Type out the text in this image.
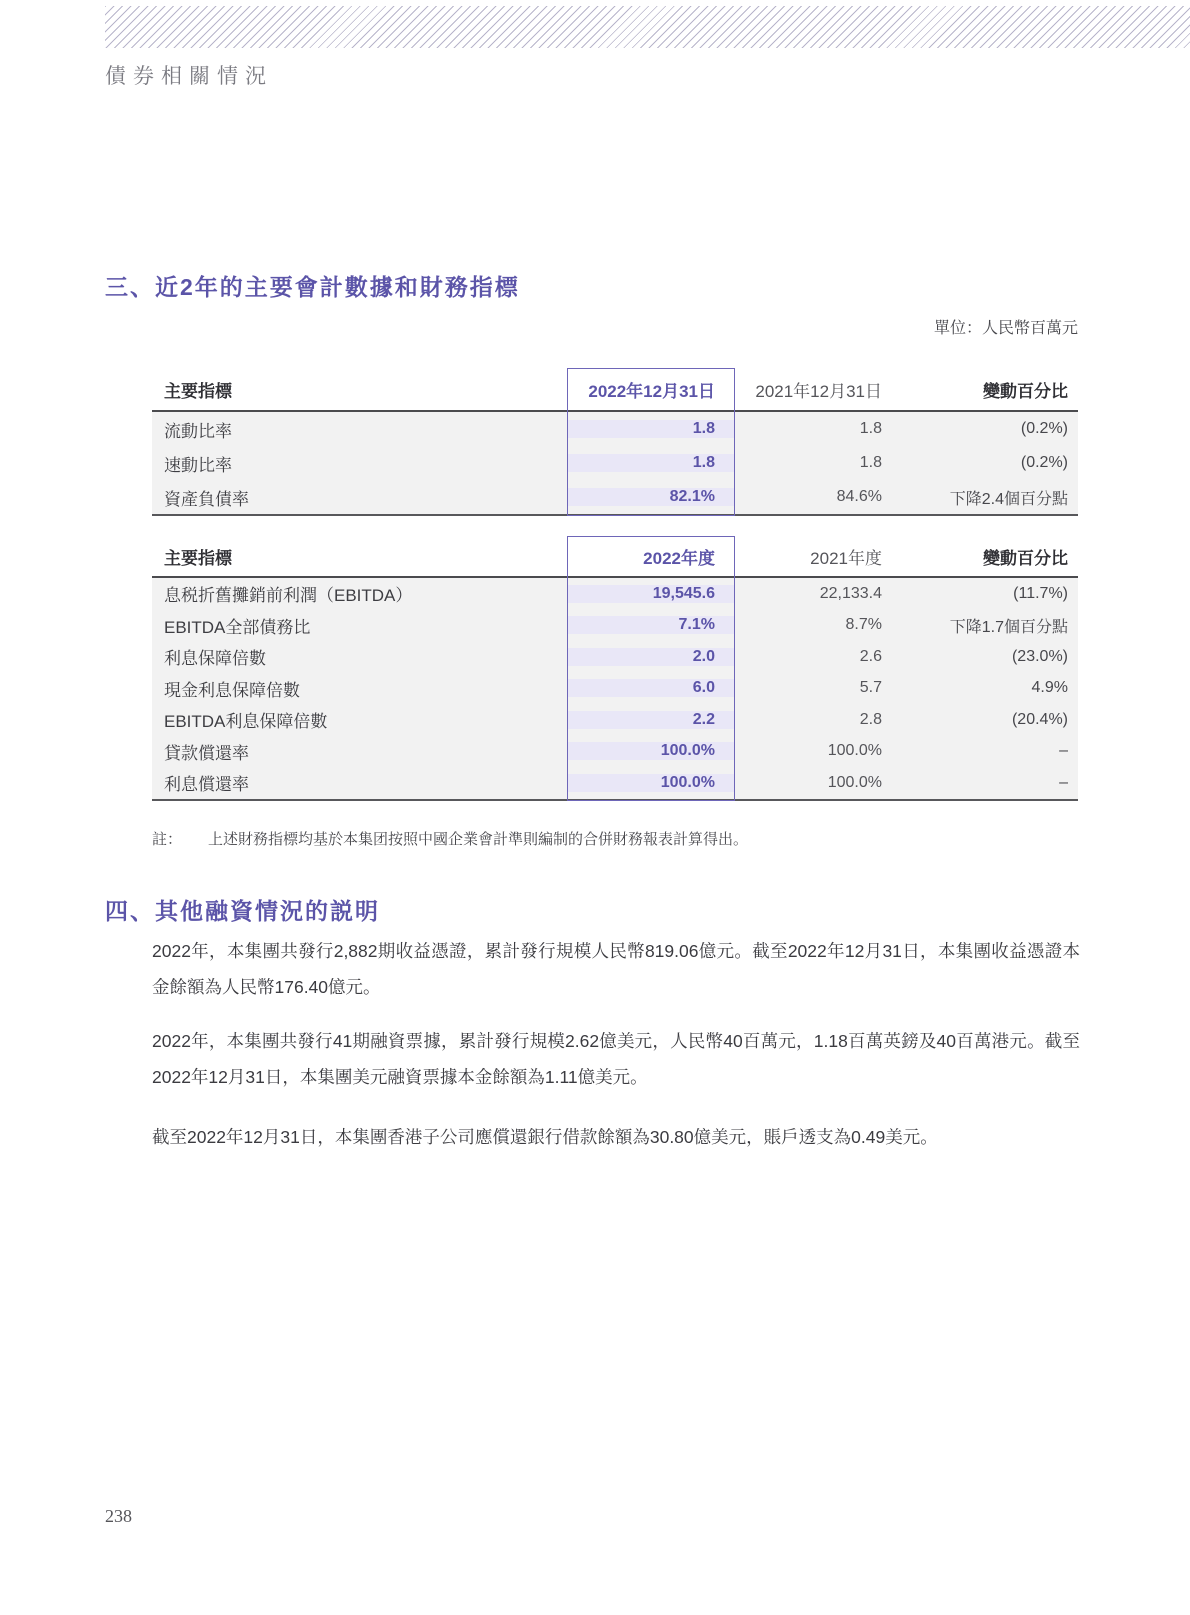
債券相關情況
三、近2年的主要會計數據和財務指標
單位：人民幣百萬元
主要指標	2022年12月31日	2021年12月31日	變動百分比
流動比率	1.8	1.8	(0.2%)
速動比率	1.8	1.8	(0.2%)
資產負債率	82.1%	84.6%	下降2.4個百分點
主要指標	2022年度	2021年度	變動百分比
息税折舊攤銷前利潤（EBITDA）	19,545.6	22,133.4	(11.7%)
EBITDA全部債務比	7.1%	8.7%	下降1.7個百分點
利息保障倍數	2.0	2.6	(23.0%)
現金利息保障倍數	6.0	5.7	4.9%
EBITDA利息保障倍數	2.2	2.8	(20.4%)
貸款償還率	100.0%	100.0%	–
利息償還率	100.0%	100.0%	–
註： 上述財務指標均基於本集团按照中國企業會計準則編制的合併財務報表計算得出。
四、其他融資情況的説明
2022年，本集團共發行2,882期收益憑證，累計發行規模人民幣819.06億元。截至2022年12月31日，本集團收益憑證本金餘額為人民幣176.40億元。
2022年，本集團共發行41期融資票據，累計發行規模2.62億美元，人民幣40百萬元，1.18百萬英鎊及40百萬港元。截至2022年12月31日，本集團美元融資票據本金餘額為1.11億美元。
截至2022年12月31日，本集團香港子公司應償還銀行借款餘額為30.80億美元，賬戶透支為0.49美元。
238
